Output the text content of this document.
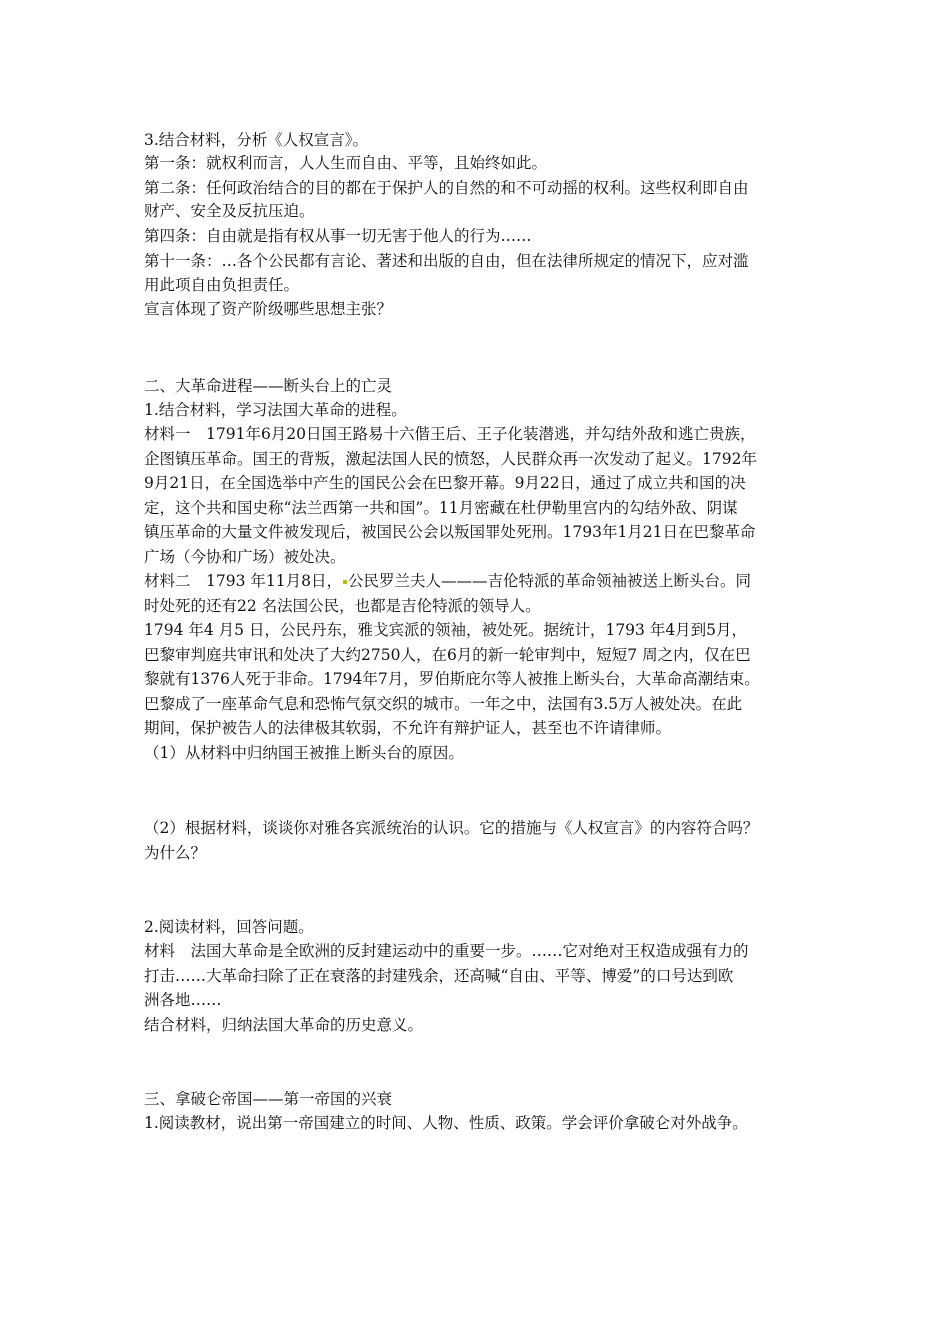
3.结合材料，分析《人权宣言》。
第一条：就权利而言，人人生而自由、平等，且始终如此。
第二条：任何政治结合的目的都在于保护人的自然的和不可动摇的权利。这些权利即自由
财产、安全及反抗压迫。
第四条：自由就是指有权从事一切无害于他人的行为……
第十一条：…各个公民都有言论、著述和出版的自由，但在法律所规定的情况下，应对滥
用此项自由负担责任。
宣言体现了资产阶级哪些思想主张？
二、大革命进程——断头台上的亡灵
1.结合材料，学习法国大革命的进程。
材料一　1791年6月20日国王路易十六偕王后、王子化装潜逃，并勾结外敌和逃亡贵族，
企图镇压革命。国王的背叛，激起法国人民的愤怒，人民群众再一次发动了起义。1792年
9月21日，在全国选举中产生的国民公会在巴黎开幕。9月22日，通过了成立共和国的决
定，这个共和国史称“法兰西第一共和国”。11月密藏在杜伊勒里宫内的勾结外敌、阴谋
镇压革命的大量文件被发现后，被国民公会以叛国罪处死刑。1793年1月21日在巴黎革命
广场（今协和广场）被处决。
材料二　1793 年11月8日， 公民罗兰夫人———吉伦特派的革命领袖被送上断头台。同
时处死的还有22 名法国公民，也都是吉伦特派的领导人。
1794 年4 月5 日，公民丹东，雅戈宾派的领袖，被处死。据统计，1793 年4月到5月，
巴黎审判庭共审讯和处决了大约2750人，在6月的新一轮审判中，短短7 周之内，仅在巴
黎就有1376人死于非命。1794年7月，罗伯斯庇尔等人被推上断头台，大革命高潮结束。
巴黎成了一座革命气息和恐怖气氛交织的城市。一年之中，法国有3.5万人被处决。在此
期间，保护被告人的法律极其软弱，不允许有辩护证人，甚至也不许请律师。
（1）从材料中归纳国王被推上断头台的原因。
（2）根据材料，谈谈你对雅各宾派统治的认识。它的措施与《人权宣言》的内容符合吗？
为什么？
2.阅读材料，回答问题。
材料　法国大革命是全欧洲的反封建运动中的重要一步。……它对绝对王权造成强有力的
打击……大革命扫除了正在衰落的封建残余，还高喊“自由、平等、博爱”的口号达到欧
洲各地……
结合材料，归纳法国大革命的历史意义。
三、拿破仑帝国——第一帝国的兴衰
1.阅读教材，说出第一帝国建立的时间、人物、性质、政策。学会评价拿破仑对外战争。
